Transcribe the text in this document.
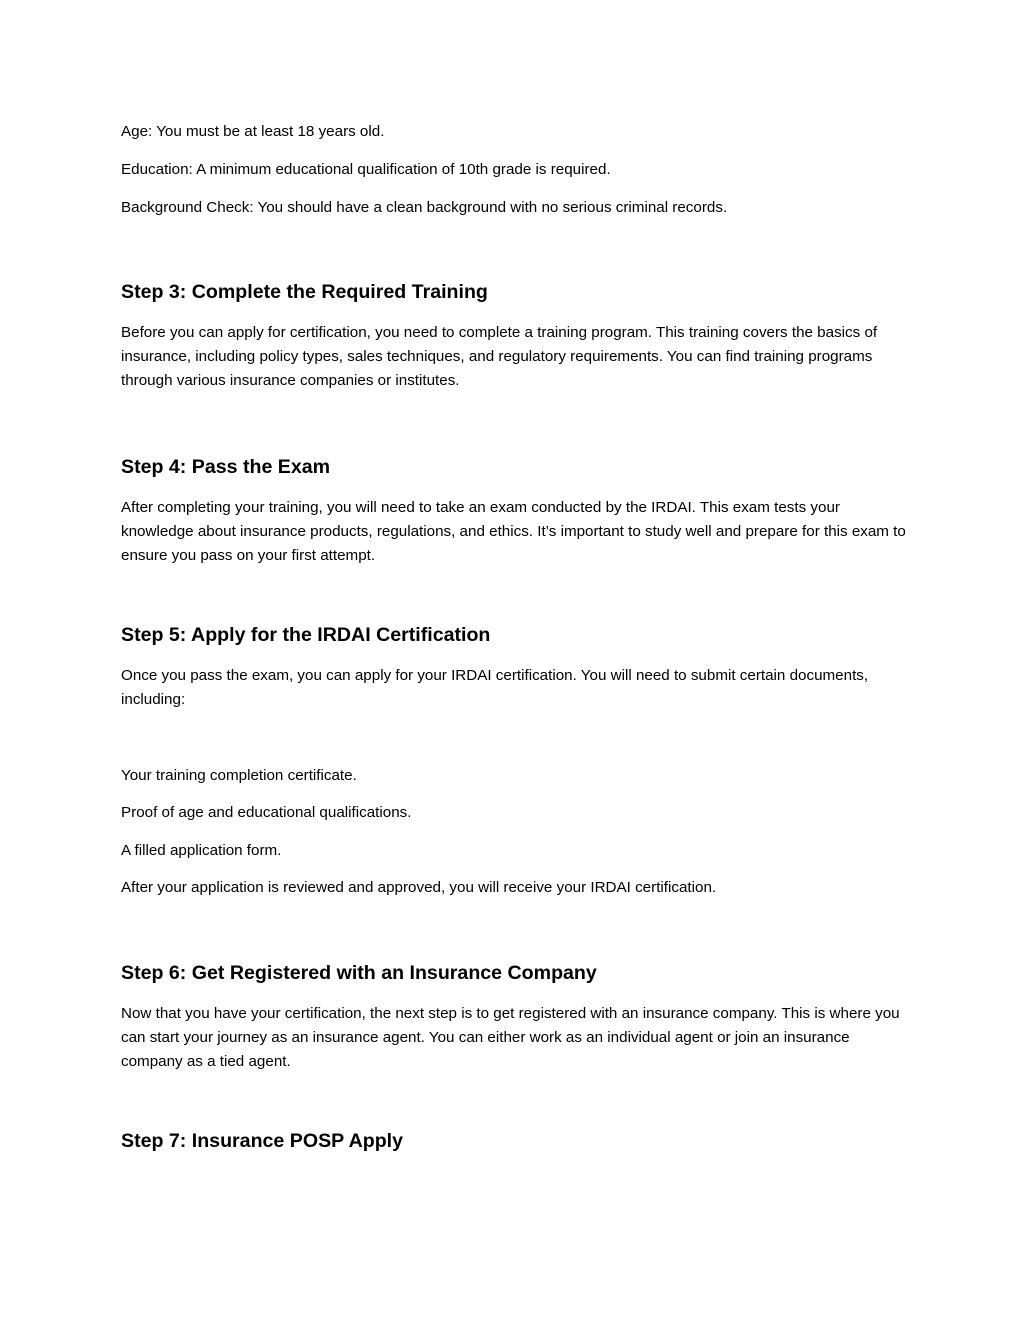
Age: You must be at least 18 years old.
Education: A minimum educational qualification of 10th grade is required.
Background Check: You should have a clean background with no serious criminal records.
Step 3: Complete the Required Training
Before you can apply for certification, you need to complete a training program. This training covers the basics of insurance, including policy types, sales techniques, and regulatory requirements. You can find training programs through various insurance companies or institutes.
Step 4: Pass the Exam
After completing your training, you will need to take an exam conducted by the IRDAI. This exam tests your knowledge about insurance products, regulations, and ethics. It’s important to study well and prepare for this exam to ensure you pass on your first attempt.
Step 5: Apply for the IRDAI Certification
Once you pass the exam, you can apply for your IRDAI certification. You will need to submit certain documents, including:
Your training completion certificate.
Proof of age and educational qualifications.
A filled application form.
After your application is reviewed and approved, you will receive your IRDAI certification.
Step 6: Get Registered with an Insurance Company
Now that you have your certification, the next step is to get registered with an insurance company. This is where you can start your journey as an insurance agent. You can either work as an individual agent or join an insurance company as a tied agent.
Step 7: Insurance POSP Apply
